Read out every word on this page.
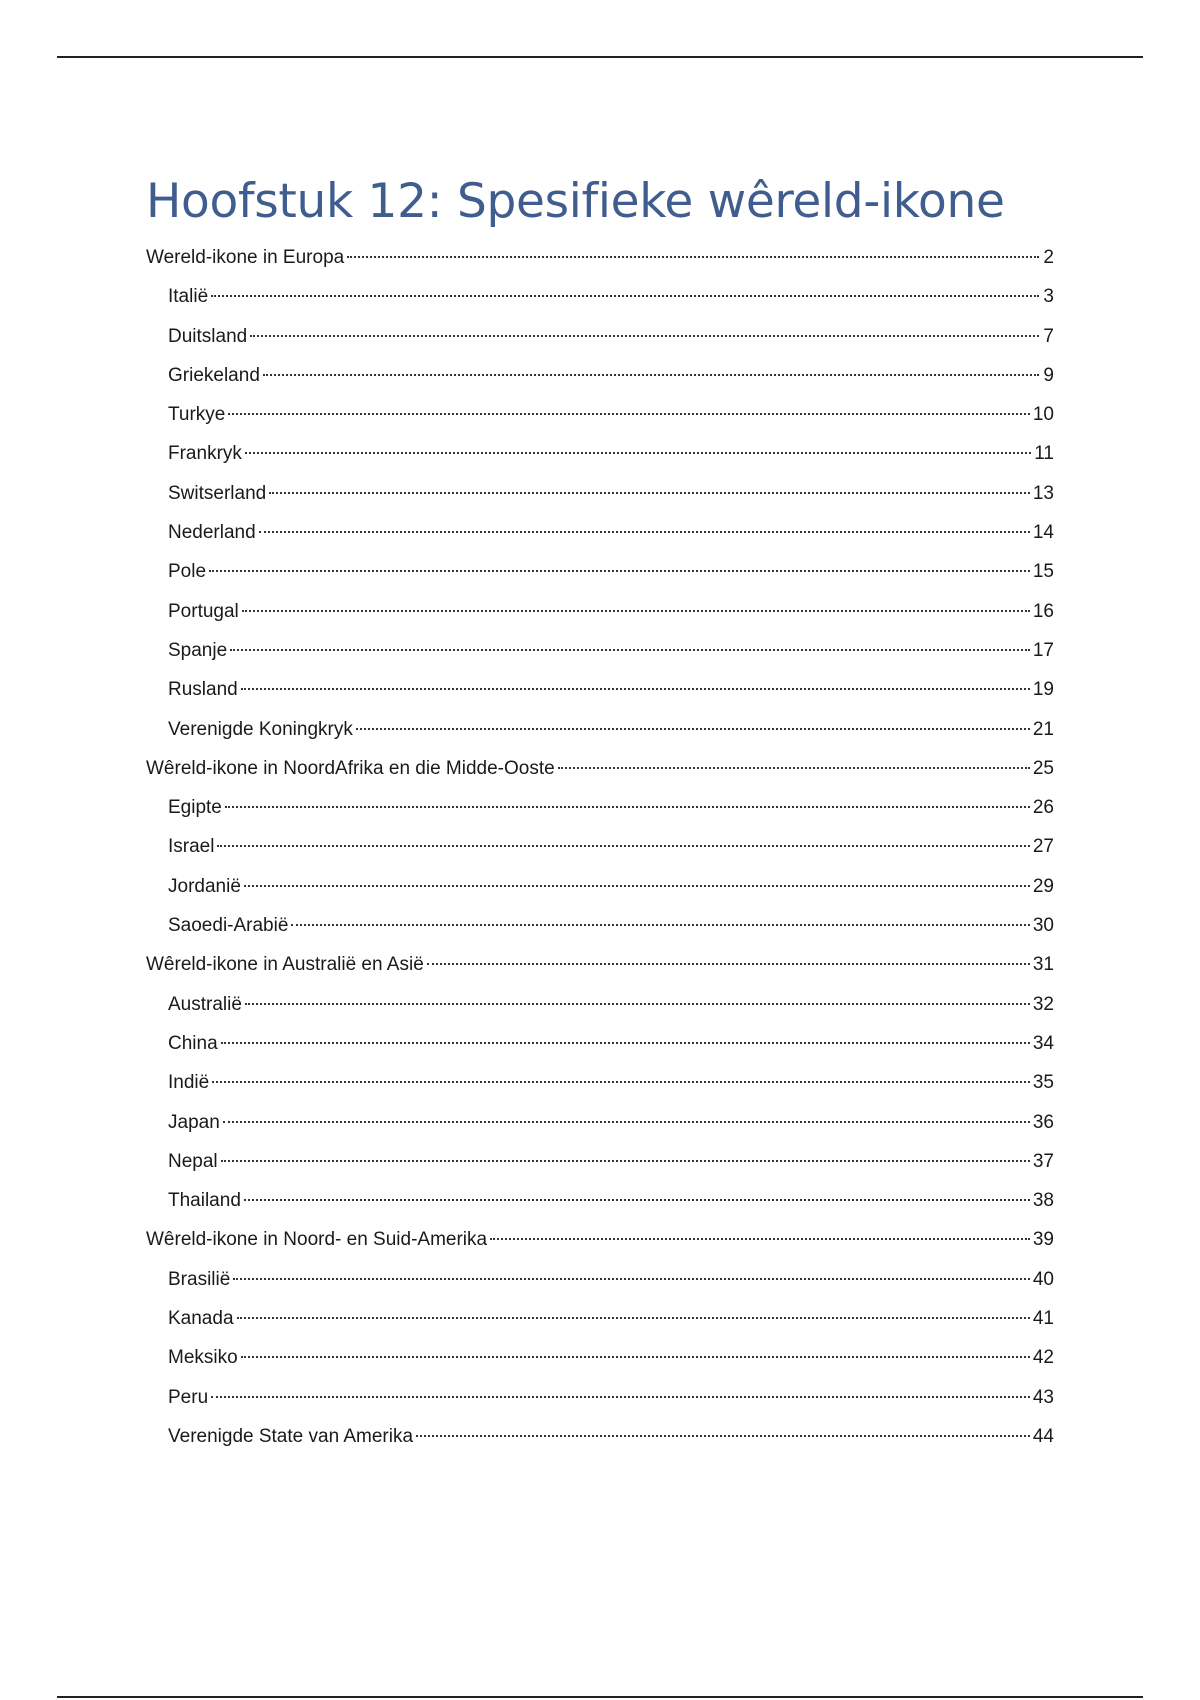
Hoofstuk 12: Spesifieke wêreld-ikone
Wereld-ikone in Europa	2
Italië	3
Duitsland	7
Griekeland	9
Turkye	10
Frankryk	11
Switserland	13
Nederland	14
Pole	15
Portugal	16
Spanje	17
Rusland	19
Verenigde Koningkryk	21
Wêreld-ikone in NoordAfrika en die Midde-Ooste	25
Egipte	26
Israel	27
Jordanië	29
Saoedi-Arabië	30
Wêreld-ikone in Australië en Asië	31
Australië	32
China	34
Indië	35
Japan	36
Nepal	37
Thailand	38
Wêreld-ikone in Noord- en Suid-Amerika	39
Brasilië	40
Kanada	41
Meksiko	42
Peru	43
Verenigde State van Amerika	44
